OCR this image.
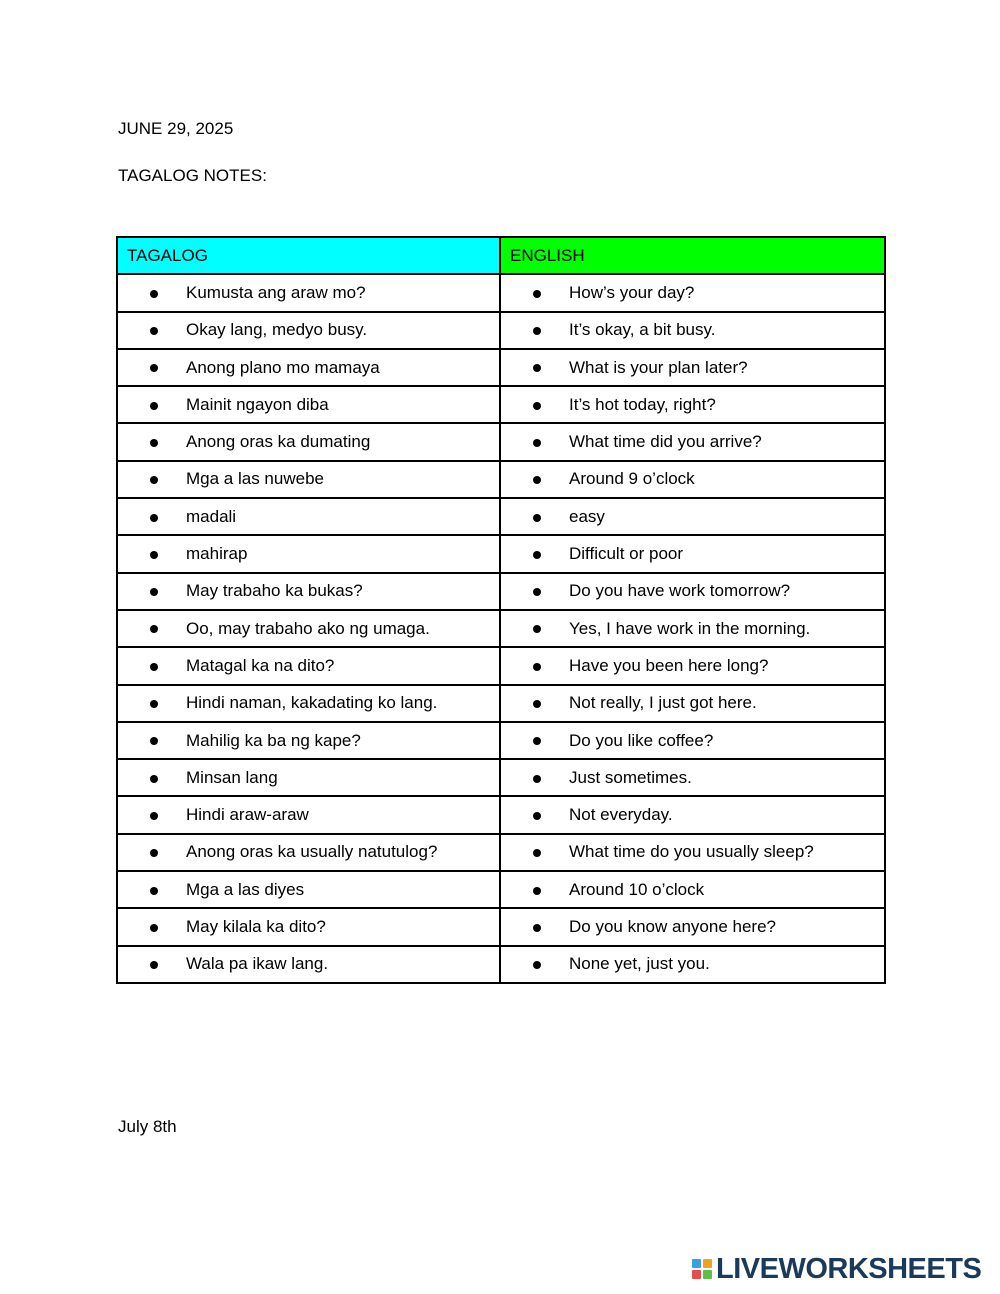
JUNE 29, 2025
TAGALOG NOTES:
TAGALOG	ENGLISH

Kumusta ang araw mo?	How’s your day?

Okay lang, medyo busy.	It’s okay, a bit busy.

Anong plano mo mamaya	What is your plan later?

Mainit ngayon diba	It’s hot today, right?

Anong oras ka dumating	What time did you arrive?

Mga a las nuwebe	Around 9 o’clock

madali	easy

mahirap	Difficult or poor

May trabaho ka bukas?	Do you have work tomorrow?

Oo, may trabaho ako ng umaga.	Yes, I have work in the morning.

Matagal ka na dito?	Have you been here long?

Hindi naman, kakadating ko lang.	Not really, I just got here.

Mahilig ka ba ng kape?	Do you like coffee?

Minsan lang	Just sometimes.

Hindi araw-araw	Not everyday.

Anong oras ka usually natutulog?	What time do you usually sleep?

Mga a las diyes	Around 10 o’clock

May kilala ka dito?	Do you know anyone here?

Wala pa ikaw lang.	None yet, just you.
July 8th
LIVEWORKSHEETS
